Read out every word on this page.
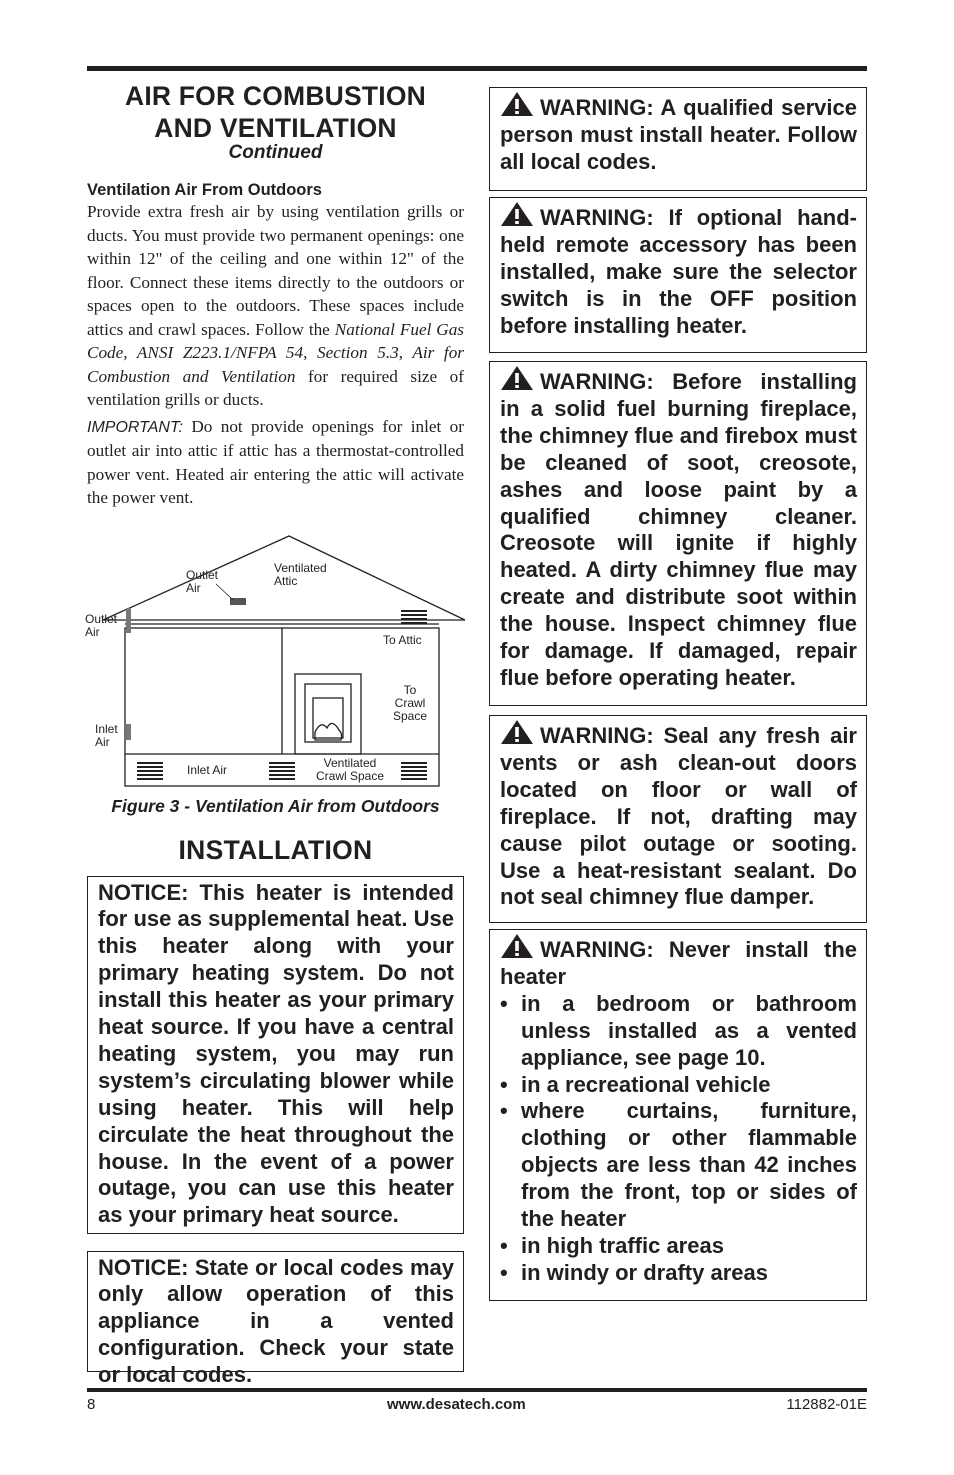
AIR FOR COMBUSTION
AND VENTILATION
Continued
Ventilation Air From Outdoors

Provide extra fresh air by using ventilation grills or ducts. You must provide two permanent openings: one within 12" of the ceiling and one within 12" of the floor. Connect these items directly to the outdoors or spaces open to the outdoors. These spaces include attics and crawl spaces. Follow the National Fuel Gas Code, ANSI Z223.1/NFPA 54, Section 5.3, Air for Combustion and Ventilation for required size of ventilation grills or ducts.

IMPORTANT: Do not provide openings for inlet or outlet air into attic if attic has a thermostat-controlled power vent. Heated air entering the attic will activate the power vent.

Outlet
Air
Ventilated
Attic
Outlet
Air
To Attic
To
Crawl
Space
Inlet
Air
Inlet Air	Ventilated
Crawl Space
Figure 3 - Ventilation Air from Outdoors
INSTALLATION
NOTICE: This heater is intended for use as supplemental heat. Use this heater along with your primary heating system. Do not install this heater as your primary heat source. If you have a central heating system, you may run system’s circulating blower while using heater. This will help circulate the heat throughout the house. In the event of a power outage, you can use this heater as your primary heat source.
NOTICE: State or local codes may only allow operation of this appliance in a vented configuration. Check your state or local codes.
WARNING: A qualified service person must install heater. Follow all local codes.
WARNING: If optional hand-held remote accessory has been installed, make sure the selector switch is in the OFF position before installing heater.
WARNING: Before installing in a solid fuel burning fireplace, the chimney flue and firebox must be cleaned of soot, creosote, ashes and loose paint by a qualified chimney cleaner. Creosote will ignite if highly heated. A dirty chimney flue may create and distribute soot within the house. Inspect chimney flue for damage. If damaged, repair flue before operating heater.
WARNING: Seal any fresh air vents or ash clean-out doors located on floor or wall of fireplace. If not, drafting may cause pilot outage or sooting. Use a heat-resistant sealant. Do not seal chimney flue damper.
WARNING: Never install the heater
• in a bedroom or bathroom unless installed as a vented appliance, see page 10.
• in a recreational vehicle
• where curtains, furniture, clothing or other flammable objects are less than 42 inches from the front, top or sides of the heater
• in high traffic areas
• in windy or drafty areas
8	www.desatech.com	112882-01E
